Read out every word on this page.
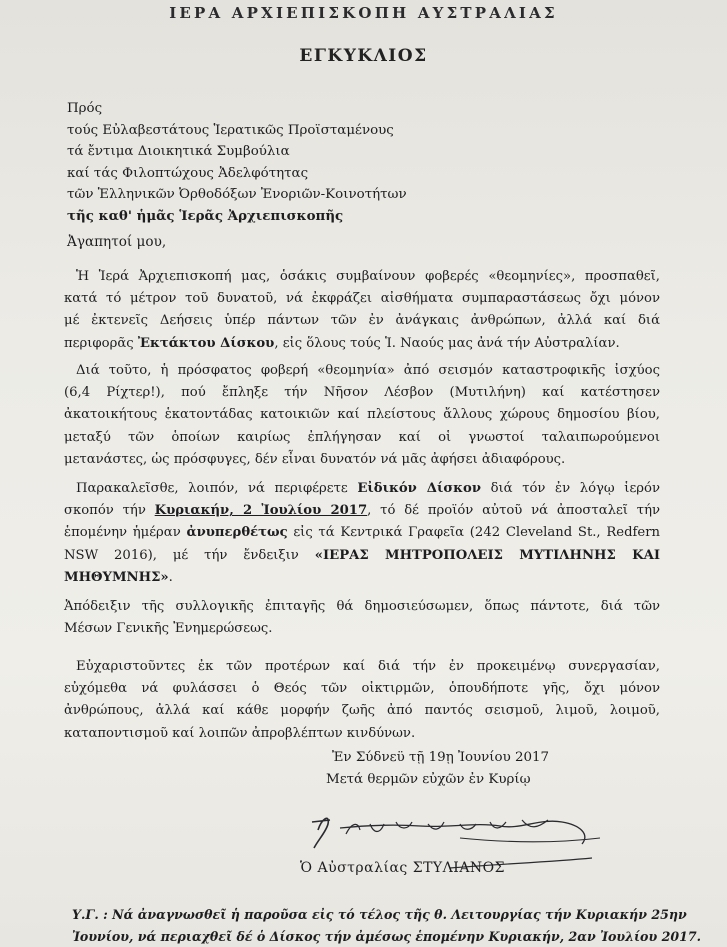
ΙΕΡΑ ΑΡΧΙΕΠΙΣΚΟΠΗ ΑΥΣΤΡΑΛΙΑΣ
ΕΓΚΥΚΛΙΟΣ
Πρός
τούς Εὐλαβεστάτους Ἱερατικῶς Προϊσταμένους
τά ἔντιμα Διοικητικά Συμβούλια
καί τάς Φιλοπτώχους Ἀδελφότητας
τῶν Ἑλληνικῶν Ὀρθοδόξων Ἐνοριῶν-Κοινοτήτων
τῆς καθ' ἡμᾶς Ἱερᾶς Ἀρχιεπισκοπῆς
Ἀγαπητοί μου,
Ἡ Ἱερά Ἀρχιεπισκοπή μας, ὁσάκις συμβαίνουν φοβερές «θεομηνίες», προσπαθεῖ,
κατά τό μέτρον τοῦ δυνατοῦ, νά ἐκφράζει αἰσθήματα συμπαραστάσεως ὄχι μόνον
μέ ἐκτενεῖς Δεήσεις ὑπέρ πάντων τῶν ἐν ἀνάγκαις ἀνθρώπων, ἀλλά καί διά
περιφορᾶς Ἐκτάκτου Δίσκου, εἰς ὅλους τούς Ἱ. Ναούς μας ἀνά τήν Αὐστραλίαν.
Διά τοῦτο, ἡ πρόσφατος φοβερή «θεομηνία» ἀπό σεισμόν καταστροφικῆς ἰσχύος
(6,4 Ρίχτερ!), πού ἔπληξε τήν Νῆσον Λέσβον (Μυτιλήνη) καί κατέστησεν
ἀκατοικήτους ἑκατοντάδας κατοικιῶν καί πλείστους ἄλλους χώρους δημοσίου βίου,
μεταξύ τῶν ὁποίων καιρίως ἐπλήγησαν καί οἱ γνωστοί ταλαιπωρούμενοι
μετανάστες, ὡς πρόσφυγες, δέν εἶναι δυνατόν νά μᾶς ἀφήσει ἀδιαφόρους.
Παρακαλεῖσθε, λοιπόν, νά περιφέρετε Εἰδικόν Δίσκον διά τόν ἐν λόγῳ ἱερόν
σκοπόν τήν Κυριακήν, 2 Ἰουλίου 2017, τό δέ προϊόν αὐτοῦ νά ἀποσταλεῖ τήν
ἑπομένην ἡμέραν ἀνυπερθέτως εἰς τά Κεντρικά Γραφεῖα (242 Cleveland St., Redfern
NSW 2016), μέ τήν ἔνδειξιν «ΙΕΡΑΣ ΜΗΤΡΟΠΟΛΕΙΣ ΜΥΤΙΛΗΝΗΣ ΚΑΙ
ΜΗΘΥΜΝΗΣ».
Ἀπόδειξιν τῆς συλλογικῆς ἐπιταγῆς θά δημοσιεύσωμεν, ὅπως πάντοτε, διά τῶν
Μέσων Γενικῆς Ἐνημερώσεως.
Εὐχαριστοῦντες ἐκ τῶν προτέρων καί διά τήν ἐν προκειμένῳ συνεργασίαν,
εὐχόμεθα νά φυλάσσει ὁ Θεός τῶν οἰκτιρμῶν, ὁπουδήποτε γῆς, ὄχι μόνον
ἀνθρώπους, ἀλλά καί κάθε μορφήν ζωῆς ἀπό παντός σεισμοῦ, λιμοῦ, λοιμοῦ,
καταποντισμοῦ καί λοιπῶν ἀπροβλέπτων κινδύνων.
Ἐν Σύδνεϋ τῇ 19ῃ Ἰουνίου 2017
Μετά θερμῶν εὐχῶν ἐν Κυρίῳ
Ὁ Αὐστραλίας ΣΤΥΛΙΑΝΟΣ
Υ.Γ. : Νά ἀναγνωσθεῖ ἡ παροῦσα εἰς τό τέλος τῆς θ. Λειτουργίας τήν Κυριακήν 25ην
Ἰουνίου, νά περιαχθεῖ δέ ὁ Δίσκος τήν ἀμέσως ἑπομένην Κυριακήν, 2αν Ἰουλίου 2017.
